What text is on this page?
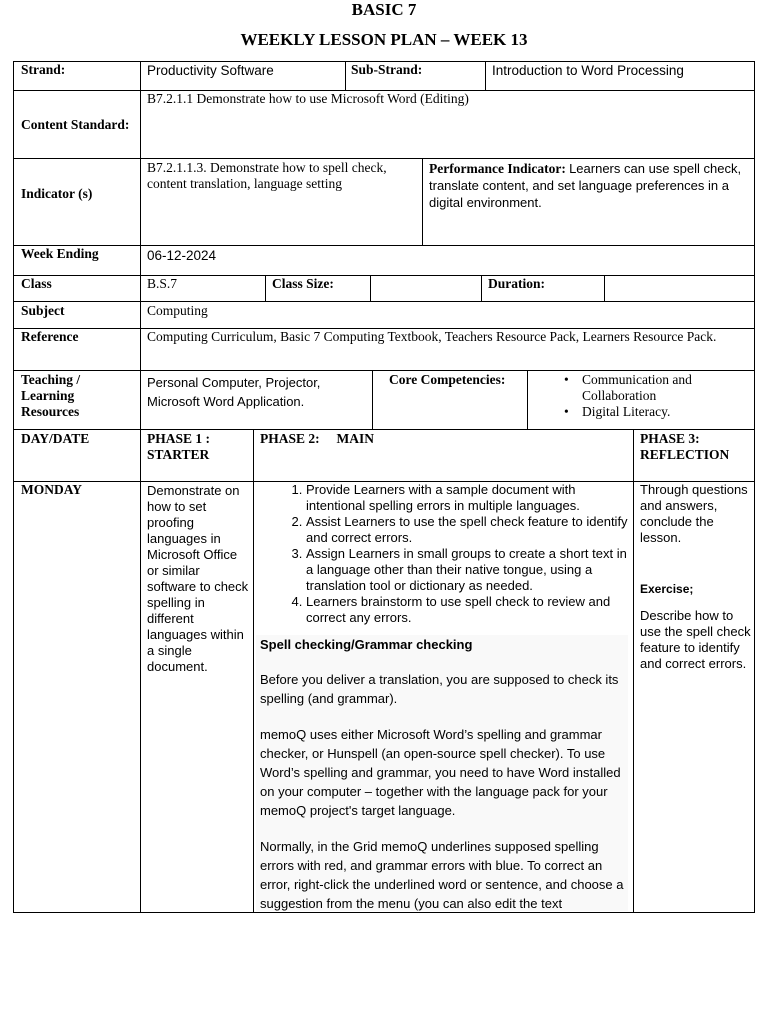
BASIC 7
WEEKLY LESSON PLAN – WEEK 13
Strand:	Productivity Software	Sub-Strand:	Introduction to Word Processing
Content Standard:
B7.2.1.1 Demonstrate how to use Microsoft Word (Editing)
Indicator (s)
B7.2.1.1.3. Demonstrate how to spell check, content translation, language setting
Performance Indicator: Learners can use spell check, translate content, and set language preferences in a digital environment.
Week Ending	06-12-2024
Class	B.S.7	Class Size:	Duration:
Subject	Computing
Reference	Computing Curriculum, Basic 7 Computing Textbook, Teachers Resource Pack, Learners Resource Pack.
Teaching / Learning Resources
Personal Computer, Projector, Microsoft Word Application.
Core Competencies:
•	Communication and Collaboration
• Digital Literacy.
DAY/DATE	PHASE 1 : STARTER
PHASE 2:     MAIN	PHASE 3: REFLECTION
MONDAY	Demonstrate on how to set proofing languages in Microsoft Office or similar software to check spelling in different languages within a single document.
1. Provide Learners with a sample document with intentional spelling errors in multiple languages.
2. Assist Learners to use the spell check feature to identify and correct errors.
3. Assign Learners in small groups to create a short text in a language other than their native tongue, using a translation tool or dictionary as needed.
4. Learners brainstorm to use spell check to review and correct any errors.
Spell checking/Grammar checking
Before you deliver a translation, you are supposed to check its spelling (and grammar).
memoQ uses either Microsoft Word’s spelling and grammar checker, or Hunspell (an open-source spell checker). To use Word’s spelling and grammar, you need to have Word installed on your computer – together with the language pack for your memoQ project's target language.
Normally, in the Grid memoQ underlines supposed spelling errors with red, and grammar errors with blue. To correct an error, right-click the underlined word or sentence, and choose a suggestion from the menu (you can also edit the text
Through questions and answers, conclude the lesson.
Exercise;
Describe how to use the spell check feature to identify and correct errors.
